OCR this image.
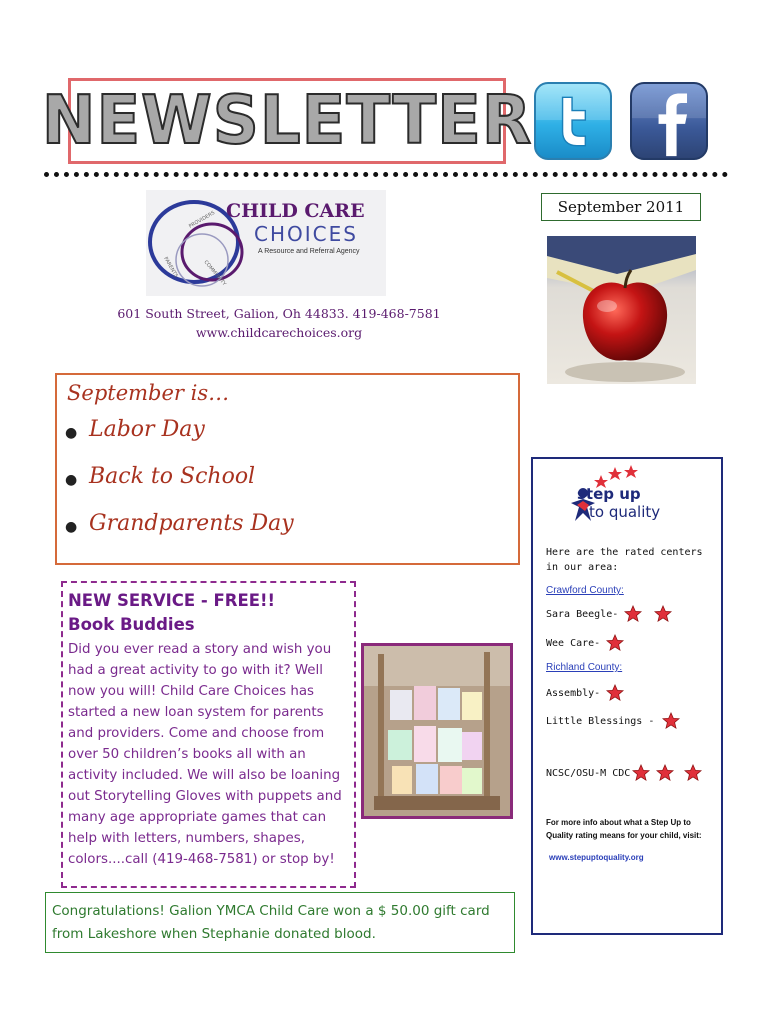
NEWSLETTER
PROVIDERS
PARENTS	COMMUNITY
CHILD CARE
CHOICES
A Resource and Referral Agency
601 South Street, Galion, Oh 44833. 419-468-7581
www.childcarechoices.org
September 2011
September is…
● Labor Day
● Back to School
● Grandparents Day
NEW SERVICE - FREE!!
Book Buddies
Did you ever read a story and wish you had a great activity to go with it? Well now you will! Child Care Choices has started a new loan system for parents and providers. Come and choose from over 50 children’s books all with an activity included. We will also be loaning out Storytelling Gloves with puppets and many age appropriate games that can help with letters, numbers, shapes, colors....call (419-468-7581) or stop by!
Congratulations! Galion YMCA Child Care won a $ 50.00 gift card from Lakeshore when Stephanie donated blood.
step up
to quality
Here are the rated centers in our area:
Crawford County:
Sara Beegle-
Wee Care-
Richland County:
Assembly-
Little Blessings -
NCSC/OSU-M CDC
For more info about what a Step Up to Quality rating means for your child, visit:
www.stepuptoquality.org
